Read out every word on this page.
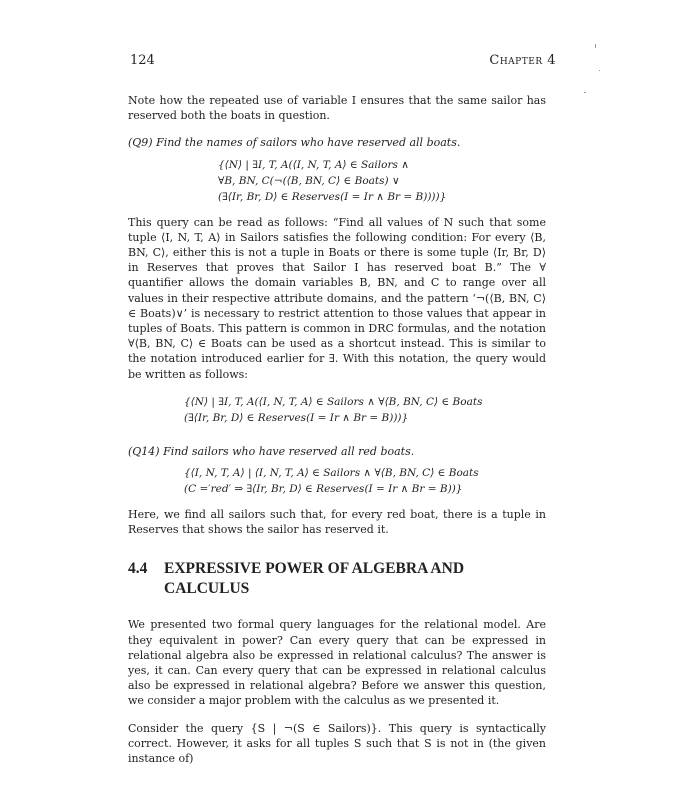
124	Chapter 4

Note how the repeated use of variable I ensures that the same sailor has reserved both the boats in question.

(Q9) Find the names of sailors who have reserved all boats.

{⟨N⟩ | ∃I, T, A(⟨I, N, T, A⟩ ∈ Sailors ∧
∀B, BN, C(¬(⟨B, BN, C⟩ ∈ Boats) ∨
(∃⟨Ir, Br, D⟩ ∈ Reserves(I = Ir ∧ Br = B))))}

This query can be read as follows: “Find all values of N such that some tuple ⟨I, N, T, A⟩ in Sailors satisfies the following condition: For every ⟨B, BN, C⟩, either this is not a tuple in Boats or there is some tuple ⟨Ir, Br, D⟩ in Reserves that proves that Sailor I has reserved boat B.” The ∀ quantifier allows the domain variables B, BN, and C to range over all values in their respective attribute domains, and the pattern ‘¬(⟨B, BN, C⟩ ∈ Boats)∨’ is necessary to restrict attention to those values that appear in tuples of Boats. This pattern is common in DRC formulas, and the notation ∀⟨B, BN, C⟩ ∈ Boats can be used as a shortcut instead. This is similar to the notation introduced earlier for ∃. With this notation, the query would be written as follows:

{⟨N⟩ | ∃I, T, A(⟨I, N, T, A⟩ ∈ Sailors ∧ ∀⟨B, BN, C⟩ ∈ Boats
(∃⟨Ir, Br, D⟩ ∈ Reserves(I = Ir ∧ Br = B)))}

(Q14) Find sailors who have reserved all red boats.

{⟨I, N, T, A⟩ | ⟨I, N, T, A⟩ ∈ Sailors ∧ ∀⟨B, BN, C⟩ ∈ Boats
(C =′red′ ⇒ ∃⟨Ir, Br, D⟩ ∈ Reserves(I = Ir ∧ Br = B))}

Here, we find all sailors such that, for every red boat, there is a tuple in Reserves that shows the sailor has reserved it.

4.4	EXPRESSIVE POWER OF ALGEBRA AND CALCULUS

We presented two formal query languages for the relational model. Are they equivalent in power? Can every query that can be expressed in relational algebra also be expressed in relational calculus? The answer is yes, it can. Can every query that can be expressed in relational calculus also be expressed in relational algebra? Before we answer this question, we consider a major problem with the calculus as we presented it.

Consider the query {S | ¬(S ∈ Sailors)}. This query is syntactically correct. However, it asks for all tuples S such that S is not in (the given instance of)
